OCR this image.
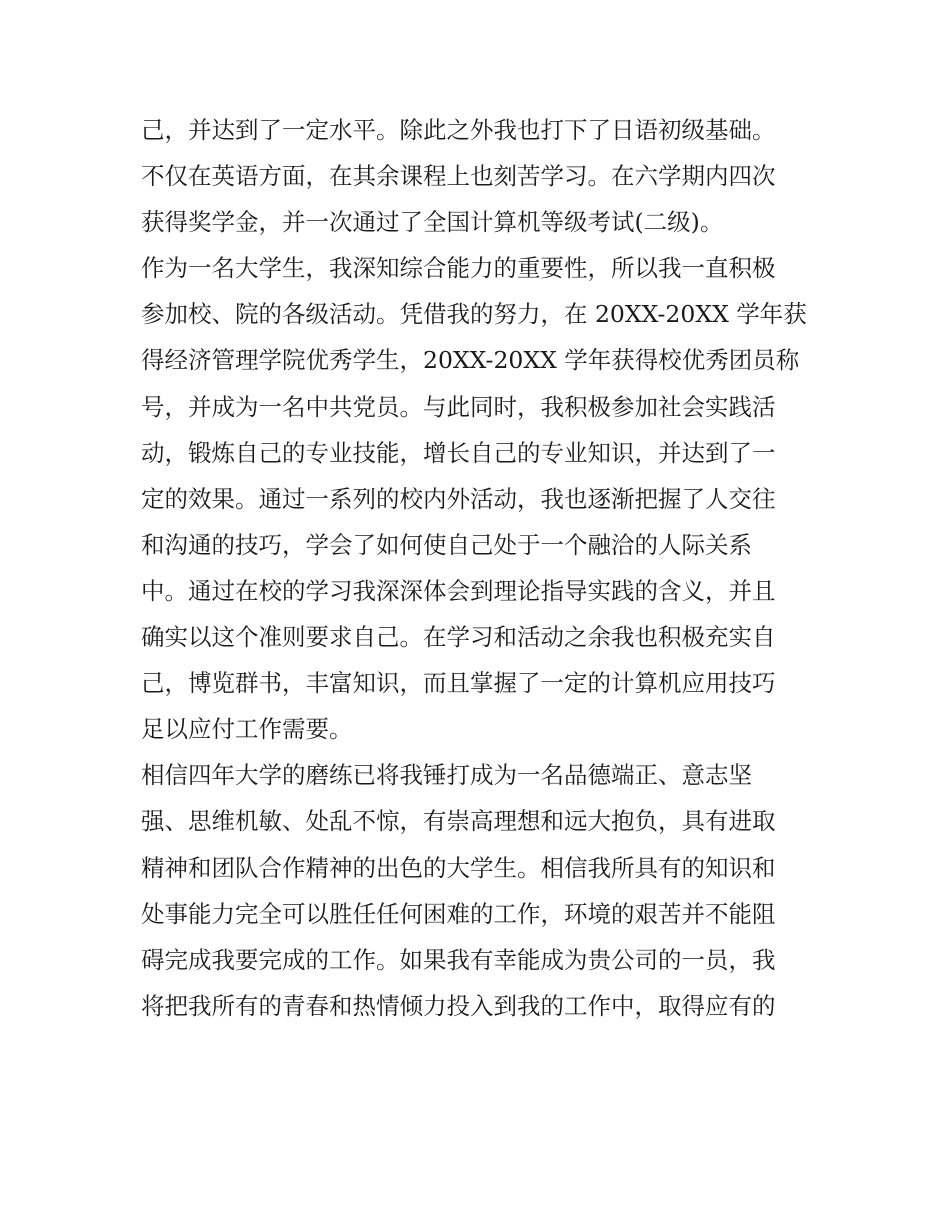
己，并达到了一定水平。除此之外我也打下了日语初级基础。
不仅在英语方面，在其余课程上也刻苦学习。在六学期内四次
获得奖学金，并一次通过了全国计算机等级考试(二级)。
作为一名大学生，我深知综合能力的重要性，所以我一直积极
参加校、院的各级活动。凭借我的努力，在 20XX-20XX 学年获
得经济管理学院优秀学生，20XX-20XX 学年获得校优秀团员称
号，并成为一名中共党员。与此同时，我积极参加社会实践活
动，锻炼自己的专业技能，增长自己的专业知识，并达到了一
定的效果。通过一系列的校内外活动，我也逐渐把握了人交往
和沟通的技巧，学会了如何使自己处于一个融洽的人际关系
中。通过在校的学习我深深体会到理论指导实践的含义，并且
确实以这个准则要求自己。在学习和活动之余我也积极充实自
己，博览群书，丰富知识，而且掌握了一定的计算机应用技巧
足以应付工作需要。
相信四年大学的磨练已将我锤打成为一名品德端正、意志坚
强、思维机敏、处乱不惊，有崇高理想和远大抱负，具有进取
精神和团队合作精神的出色的大学生。相信我所具有的知识和
处事能力完全可以胜任任何困难的工作，环境的艰苦并不能阻
碍完成我要完成的工作。如果我有幸能成为贵公司的一员，我
将把我所有的青春和热情倾力投入到我的工作中，取得应有的
